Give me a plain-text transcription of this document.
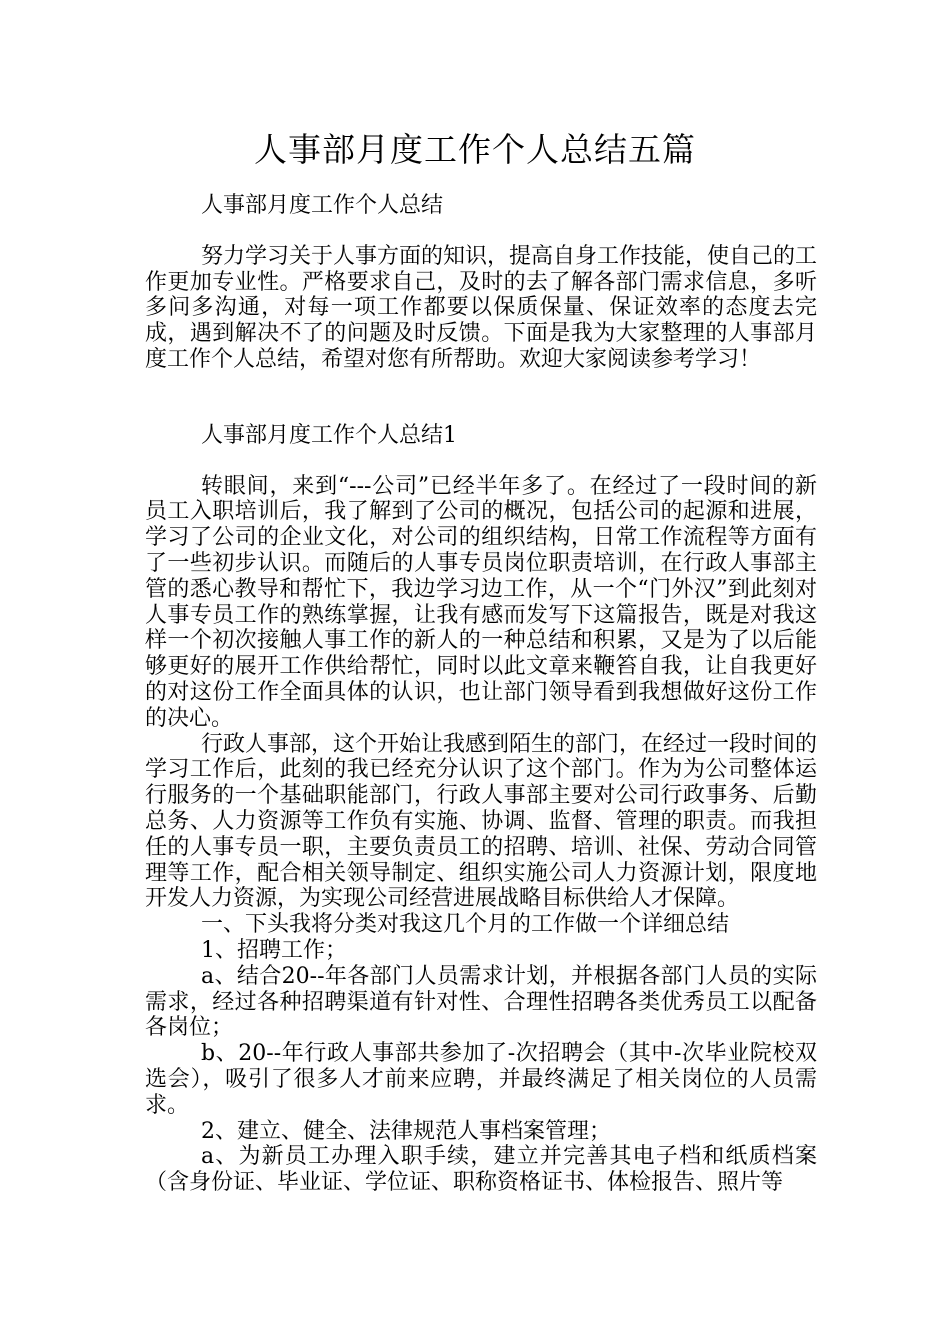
人事部月度工作个人总结五篇

人事部月度工作个人总结

努力学习关于人事方面的知识，提高自身工作技能，使自己的工作更加专业性。严格要求自己，及时的去了解各部门需求信息，多听多问多沟通，对每一项工作都要以保质保量、保证效率的态度去完成，遇到解决不了的问题及时反馈。下面是我为大家整理的人事部月度工作个人总结，希望对您有所帮助。欢迎大家阅读参考学习！

人事部月度工作个人总结1

转眼间，来到“---公司”已经半年多了。在经过了一段时间的新员工入职培训后，我了解到了公司的概况，包括公司的起源和进展，学习了公司的企业文化，对公司的组织结构，日常工作流程等方面有了一些初步认识。而随后的人事专员岗位职责培训，在行政人事部主管的悉心教导和帮忙下，我边学习边工作，从一个“门外汉”到此刻对人事专员工作的熟练掌握，让我有感而发写下这篇报告，既是对我这样一个初次接触人事工作的新人的一种总结和积累，又是为了以后能够更好的展开工作供给帮忙，同时以此文章来鞭笞自我，让自我更好的对这份工作全面具体的认识，也让部门领导看到我想做好这份工作的决心。

行政人事部，这个开始让我感到陌生的部门，在经过一段时间的学习工作后，此刻的我已经充分认识了这个部门。作为为公司整体运行服务的一个基础职能部门，行政人事部主要对公司行政事务、后勤总务、人力资源等工作负有实施、协调、监督、管理的职责。而我担任的人事专员一职，主要负责员工的招聘、培训、社保、劳动合同管理等工作，配合相关领导制定、组织实施公司人力资源计划，限度地开发人力资源，为实现公司经营进展战略目标供给人才保障。

一、下头我将分类对我这几个月的工作做一个详细总结

1、招聘工作；

a、结合20--年各部门人员需求计划，并根据各部门人员的实际需求，经过各种招聘渠道有针对性、合理性招聘各类优秀员工以配备各岗位；

b、20--年行政人事部共参加了-次招聘会（其中-次毕业院校双选会），吸引了很多人才前来应聘，并最终满足了相关岗位的人员需求。

2、建立、健全、法律规范人事档案管理；

a、为新员工办理入职手续，建立并完善其电子档和纸质档案（含身份证、毕业证、学位证、职称资格证书、体检报告、照片等
